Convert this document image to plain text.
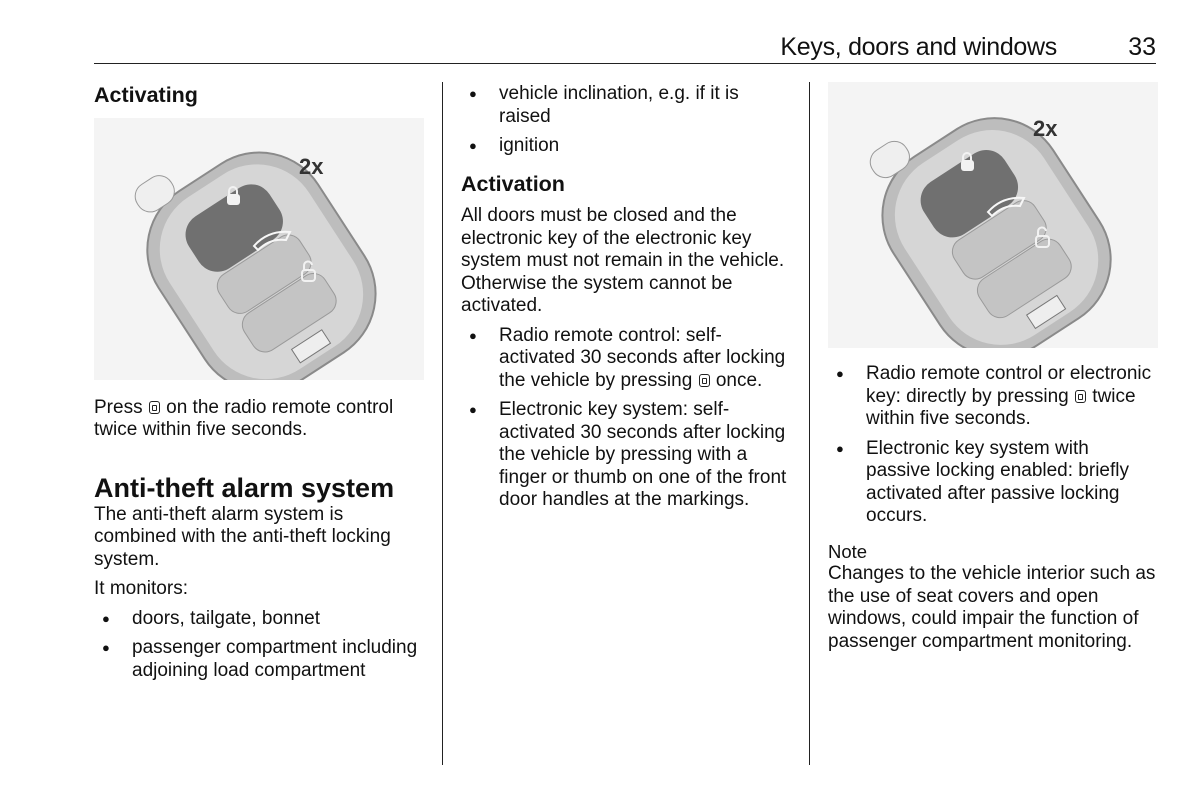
Keys, doors and windows	33
Activating
2x

Press  on the radio remote control twice within five seconds.

Anti-theft alarm system

The anti-theft alarm system is combined with the anti-theft locking system.

It monitors:

● doors, tailgate, bonnet
● passenger compartment including adjoining load compartment
● vehicle inclination, e.g. if it is raised
● ignition
Activation

All doors must be closed and the electronic key of the electronic key system must not remain in the vehicle. Otherwise the system cannot be activated.

● Radio remote control: self-activated 30 seconds after locking the vehicle by pressing  once.
● Electronic key system: self-activated 30 seconds after locking the vehicle by pressing with a finger or thumb on one of the front door handles at the markings.
2x
● Radio remote control or electronic key: directly by pressing  twice within five seconds.
● Electronic key system with passive locking enabled: briefly activated after passive locking occurs.

Note

Changes to the vehicle interior such as the use of seat covers and open windows, could impair the function of passenger compartment monitoring.
